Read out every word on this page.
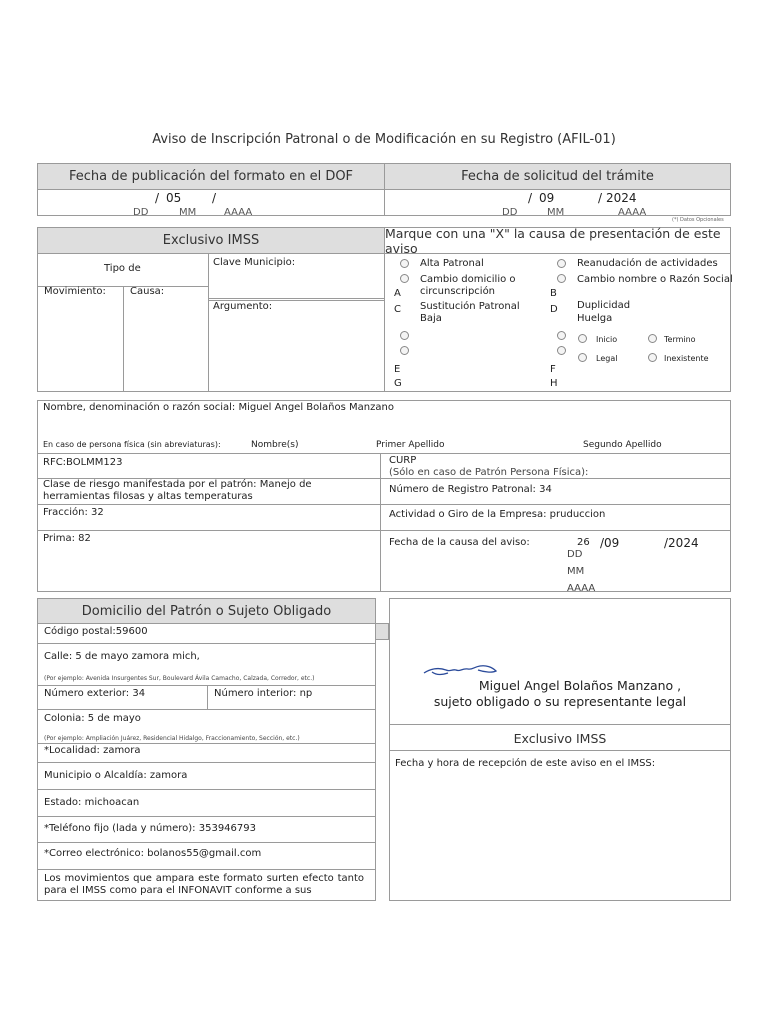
Aviso de Inscripción Patronal o de Modificación en su Registro (AFIL-01)
Fecha de publicación del formato en el DOF	Fecha de solicitud del trámite
/ 05	/
DD	MM	AAAA
/ 09	/ 2024
DD	MM	AAAA
(*) Datos Opcionales
Exclusivo IMSS
Tipo de
Movimiento: Causa:
Clave Municipio:
Argumento:
Marque con una "X" la causa de presentación de este aviso
Alta Patronal
Cambio domicilio o circunscripción
A
C Sustitución Patronal Baja
E
G
Reanudación de actividades
Cambio nombre o Razón Social
B
D Duplicidad
Huelga
Inicio	Termino
Legal	Inexistente
F
H
Nombre, denominación o razón social: Miguel Angel Bolaños Manzano
En caso de persona física (sin abreviaturas):	Nombre(s)	Primer Apellido	Segundo Apellido
RFC:BOLMM123	CURP
(Sólo en caso de Patrón Persona Física):
Clase de riesgo manifestada por el patrón: Manejo de herramientas filosas y altas temperaturas
Número de Registro Patronal: 34
Fracción: 32	Actividad o Giro de la Empresa: pruduccion
Prima: 82	Fecha de la causa del aviso:	26 /09	/2024
DD
MM
AAAA
Domicilio del Patrón o Sujeto Obligado
Código postal:59600
Calle: 5 de mayo zamora mich,
(Por ejemplo: Avenida Insurgentes Sur, Boulevard Ávila Camacho, Calzada, Corredor, etc.)
Número exterior: 34	Número interior: np
Colonia: 5 de mayo
(Por ejemplo: Ampliación Juárez, Residencial Hidalgo, Fraccionamiento, Sección, etc.)
*Localidad: zamora
Municipio o Alcaldía: zamora
Estado: michoacan
*Teléfono fijo (lada y número): 353946793
*Correo electrónico: bolanos55@gmail.com
Los movimientos que ampara este formato surten efecto tanto para el IMSS como para el INFONAVIT conforme a sus
Miguel Angel Bolaños Manzano ,
sujeto obligado o su representante legal
Exclusivo IMSS
Fecha y hora de recepción de este aviso en el IMSS:
